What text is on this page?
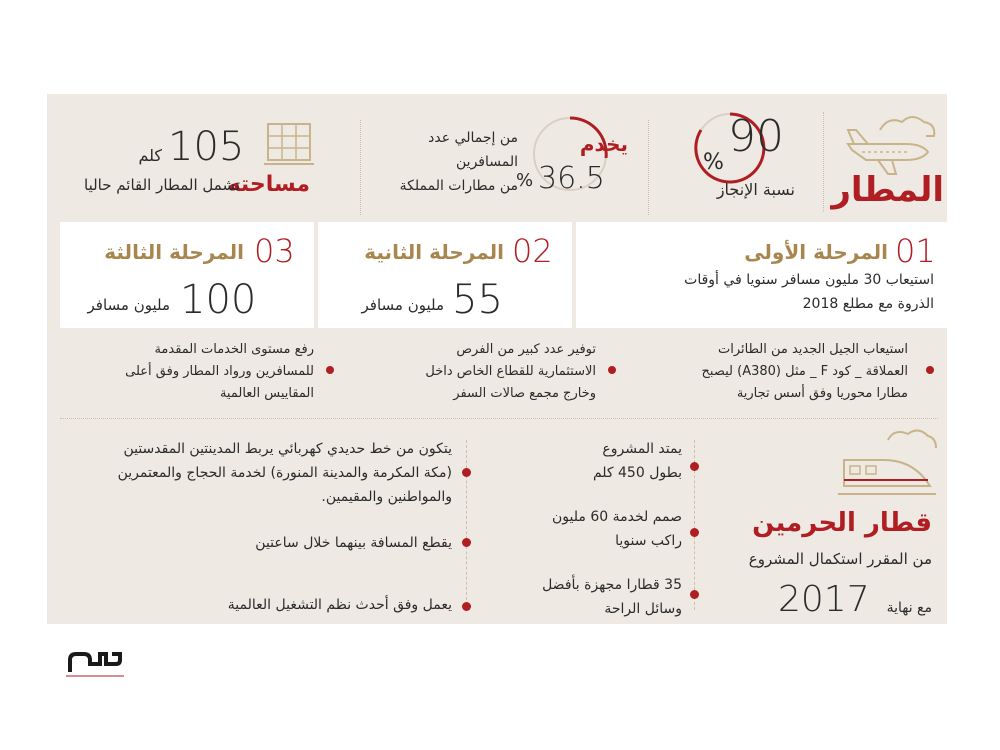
المطار
90
%
نسبة الإنجاز
يخدم
36.5
%
من إجمالي عدد
المسافرين
من مطارات المملكة
مساحته
105
كلم
تشمل المطار القائم حاليا
01
المرحلة الأولى
استيعاب 30 مليون مسافر سنويا في أوقات
الذروة مع مطلع 2018
02
المرحلة الثانية
55
مليون مسافر
03
المرحلة الثالثة
100
مليون مسافر
استيعاب الجيل الجديد من الطائرات
العملاقة _ كود F _ مثل (A380) ليصبح
مطارا محوريا وفق أسس تجارية
توفير عدد كبير من الفرص
الاستثمارية للقطاع الخاص داخل
وخارج مجمع صالات السفر
رفع مستوى الخدمات المقدمة
للمسافرين ورواد المطار وفق أعلى
المقاييس العالمية
قطار الحرمين
من المقرر استكمال المشروع
مع نهاية
2017
يمتد المشروع
بطول 450 كلم
صمم لخدمة 60 مليون
راكب سنويا
35 قطارا مجهزة بأفضل
وسائل الراحة
يتكون من خط حديدي كهربائي يربط المدينتين المقدستين
(مكة المكرمة والمدينة المنورة) لخدمة الحجاج والمعتمرين
والمواطنين والمقيمين.
يقطع المسافة بينهما خلال ساعتين
يعمل وفق أحدث نظم التشغيل العالمية
